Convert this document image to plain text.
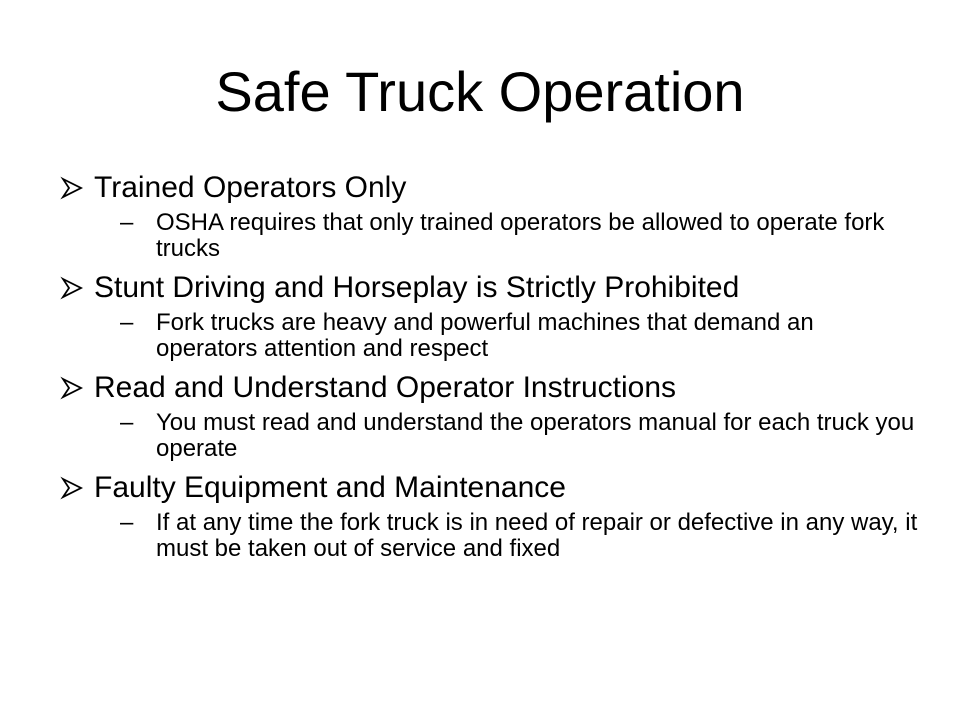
Safe Truck Operation
Trained Operators Only
– OSHA requires that only trained operators be allowed to operate fork trucks
Stunt Driving and Horseplay is Strictly Prohibited
– Fork trucks are heavy and powerful machines that demand an operators attention and respect
Read and Understand Operator Instructions
– You must read and understand the operators manual for each truck you operate
Faulty Equipment and Maintenance
– If at any time the fork truck is in need of repair or defective in any way, it must be taken out of service and fixed
